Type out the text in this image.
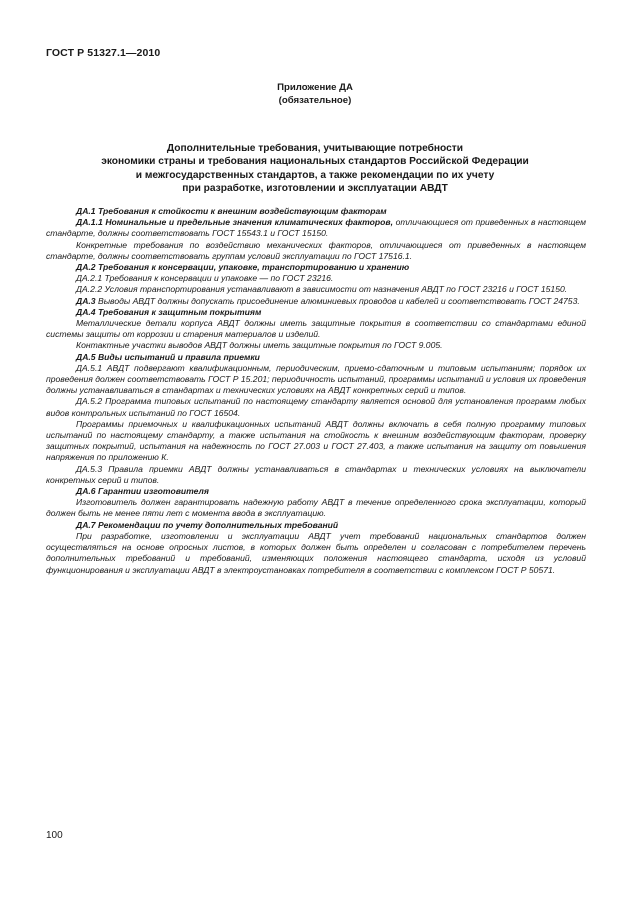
ГОСТ Р 51327.1—2010
Приложение ДА
(обязательное)
Дополнительные требования, учитывающие потребности
экономики страны и требования национальных стандартов Российской Федерации
и межгосударственных стандартов, а также рекомендации по их учету
при разработке, изготовлении и эксплуатации АВДТ

ДА.1 Требования к стойкости к внешним воздействующим факторам

ДА.1.1 Номинальные и предельные значения климатических факторов, отличающиеся от приведенных в настоящем стандарте, должны соответствовать ГОСТ 15543.1 и ГОСТ 15150.

Конкретные требования по воздействию механических факторов, отличающиеся от приведенных в настоящем стандарте, должны соответствовать группам условий эксплуатации по ГОСТ 17516.1.

ДА.2 Требования к консервации, упаковке, транспортированию и хранению

ДА.2.1 Требования к консервации и упаковке — по ГОСТ 23216.

ДА.2.2 Условия транспортирования устанавливают в зависимости от назначения АВДТ по ГОСТ 23216 и ГОСТ 15150.

ДА.3 Выводы АВДТ должны допускать присоединение алюминиевых проводов и кабелей и соответствовать ГОСТ 24753.

ДА.4 Требования к защитным покрытиям

Металлические детали корпуса АВДТ должны иметь защитные покрытия в соответствии со стандартами единой системы защиты от коррозии и старения материалов и изделий.

Контактные участки выводов АВДТ должны иметь защитные покрытия по ГОСТ 9.005.

ДА.5 Виды испытаний и правила приемки

ДА.5.1 АВДТ подвергают квалификационным, периодическим, приемо-сдаточным и типовым испытаниям; порядок их проведения должен соответствовать ГОСТ Р 15.201; периодичность испытаний, программы испытаний и условия их проведения должны устанавливаться в стандартах и технических условиях на АВДТ конкретных серий и типов.

ДА.5.2 Программа типовых испытаний по настоящему стандарту является основой для установления программ любых видов контрольных испытаний по ГОСТ 16504.

Программы приемочных и квалификационных испытаний АВДТ должны включать в себя полную программу типовых испытаний по настоящему стандарту, а также испытания на стойкость к внешним воздействующим факторам, проверку защитных покрытий, испытания на надежность по ГОСТ 27.003 и ГОСТ 27.403, а также испытания на защиту от повышения напряжения по приложению К.

ДА.5.3 Правила приемки АВДТ должны устанавливаться в стандартах и технических условиях на выключатели конкретных серий и типов.

ДА.6 Гарантии изготовителя

Изготовитель должен гарантировать надежную работу АВДТ в течение определенного срока эксплуатации, который должен быть не менее пяти лет с момента ввода в эксплуатацию.

ДА.7 Рекомендации по учету дополнительных требований

При разработке, изготовлении и эксплуатации АВДТ учет требований национальных стандартов должен осуществляться на основе опросных листов, в которых должен быть определен и согласован с потребителем перечень дополнительных требований и требований, изменяющих положения настоящего стандарта, исходя из условий функционирования и эксплуатации АВДТ в электроустановках потребителя в соответствии с комплексом ГОСТ Р 50571.

100
